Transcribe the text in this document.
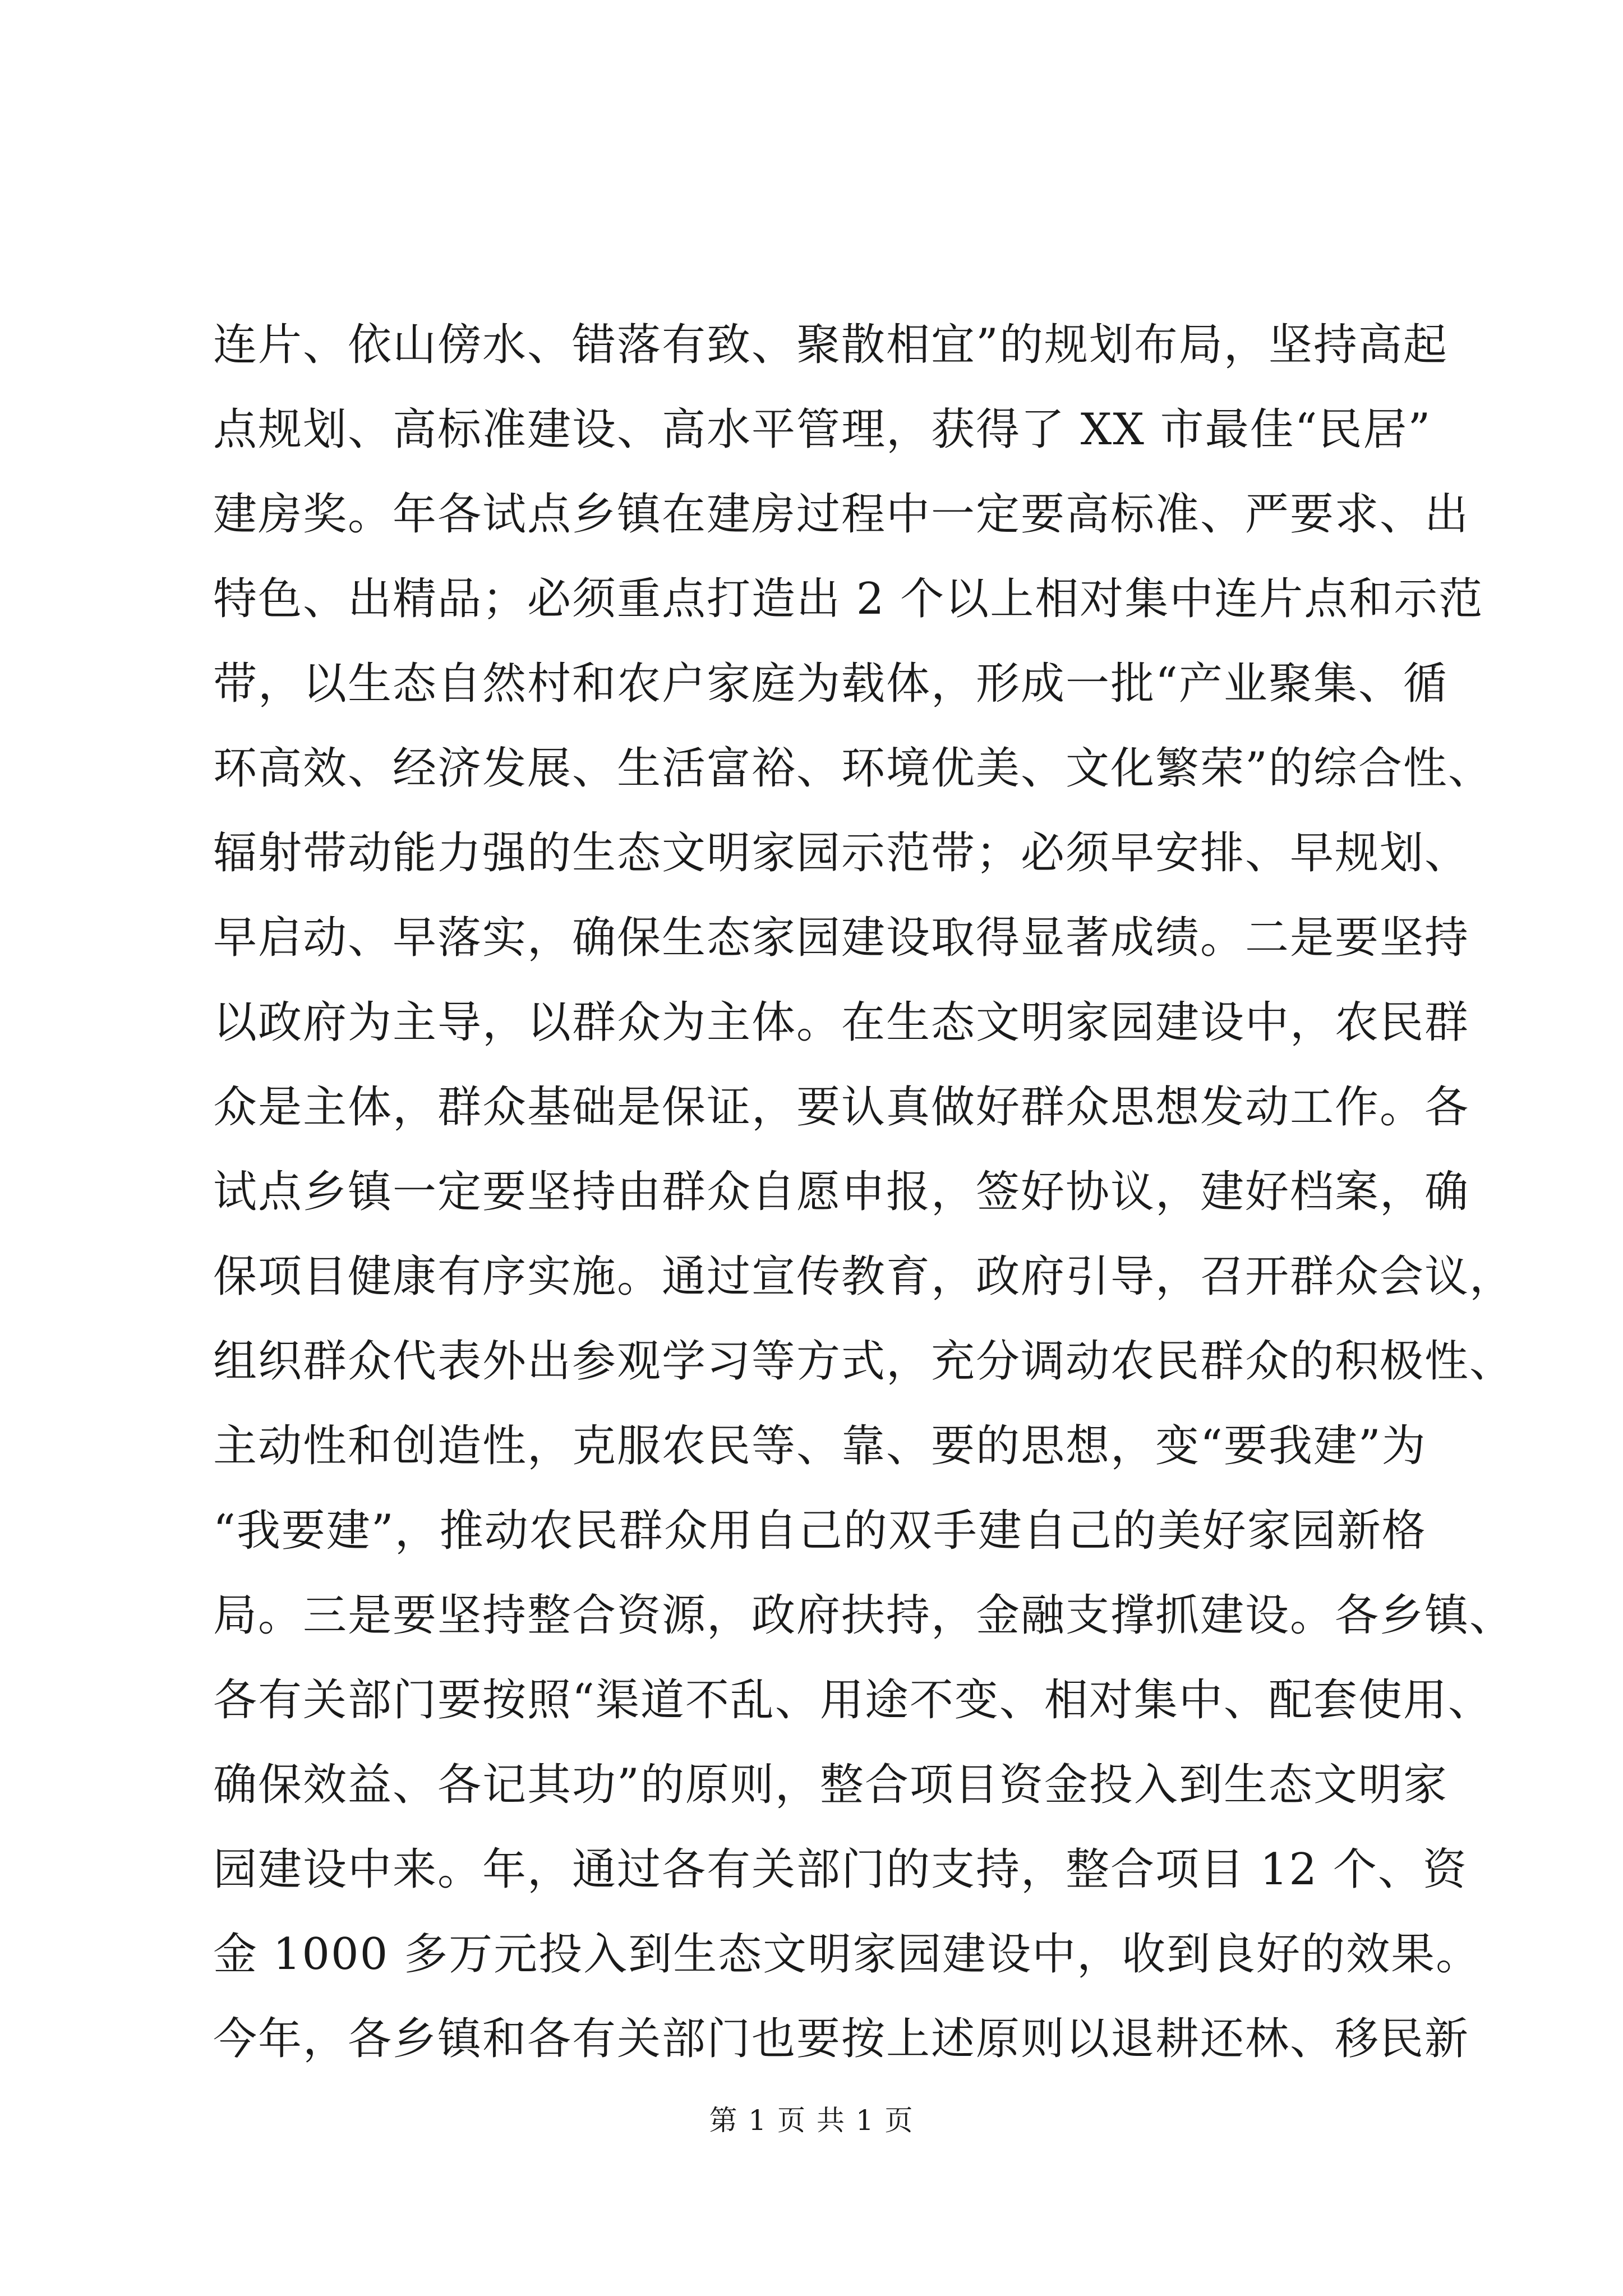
连片、依山傍水、错落有致、聚散相宜”的规划布局，坚持高起
点规划、高标准建设、高水平管理，获得了 XX 市最佳“民居”
建房奖。年各试点乡镇在建房过程中一定要高标准、严要求、出
特色、出精品；必须重点打造出 2 个以上相对集中连片点和示范
带，以生态自然村和农户家庭为载体，形成一批“产业聚集、循
环高效、经济发展、生活富裕、环境优美、文化繁荣”的综合性、
辐射带动能力强的生态文明家园示范带；必须早安排、早规划、
早启动、早落实，确保生态家园建设取得显著成绩。二是要坚持
以政府为主导，以群众为主体。在生态文明家园建设中，农民群
众是主体，群众基础是保证，要认真做好群众思想发动工作。各
试点乡镇一定要坚持由群众自愿申报，签好协议，建好档案，确
保项目健康有序实施。通过宣传教育，政府引导，召开群众会议，
组织群众代表外出参观学习等方式，充分调动农民群众的积极性、
主动性和创造性，克服农民等、靠、要的思想，变“要我建”为
“我要建”，推动农民群众用自己的双手建自己的美好家园新格
局。三是要坚持整合资源，政府扶持，金融支撑抓建设。各乡镇、
各有关部门要按照“渠道不乱、用途不变、相对集中、配套使用、
确保效益、各记其功”的原则，整合项目资金投入到生态文明家
园建设中来。年，通过各有关部门的支持，整合项目 12 个、资
金 1000 多万元投入到生态文明家园建设中，收到良好的效果。
今年，各乡镇和各有关部门也要按上述原则以退耕还林、移民新
第 1 页 共 1 页
